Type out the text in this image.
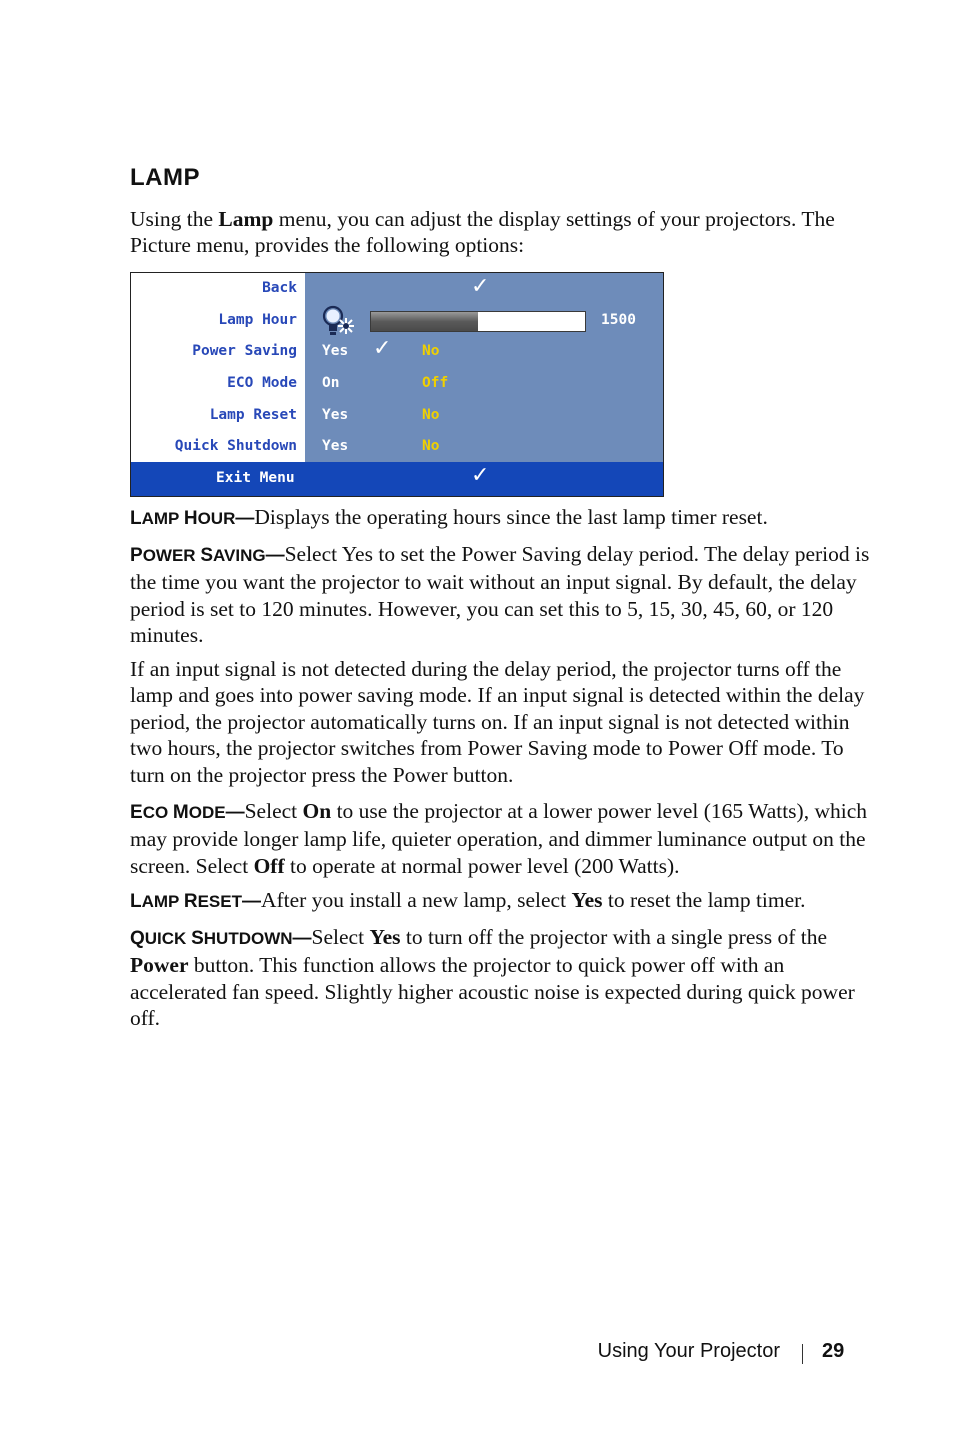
LAMP

Using the Lamp menu, you can adjust the display settings of your projectors. The Picture menu, provides the following options:

Back	✓
Lamp Hour	1500
Power Saving Yes ✓ No
ECO Mode On	Off
Lamp Reset Yes	No
Quick Shutdown Yes	No
Exit Menu	✓

LAMP HOUR—Displays the operating hours since the last lamp timer reset.

POWER SAVING—Select Yes to set the Power Saving delay period. The delay period is the time you want the projector to wait without an input signal. By default, the delay period is set to 120 minutes. However, you can set this to 5, 15, 30, 45, 60, or 120 minutes.

If an input signal is not detected during the delay period, the projector turns off the lamp and goes into power saving mode. If an input signal is detected within the delay period, the projector automatically turns on. If an input signal is not detected within two hours, the projector switches from Power Saving mode to Power Off mode. To turn on the projector press the Power button.

ECO MODE—Select On to use the projector at a lower power level (165 Watts), which may provide longer lamp life, quieter operation, and dimmer luminance output on the screen. Select Off to operate at normal power level (200 Watts).

LAMP RESET—After you install a new lamp, select Yes to reset the lamp timer.

QUICK SHUTDOWN—Select Yes to turn off the projector with a single press of the Power button. This function allows the projector to quick power off with an accelerated fan speed. Slightly higher acoustic noise is expected during quick power off.

Using Your Projector 29
